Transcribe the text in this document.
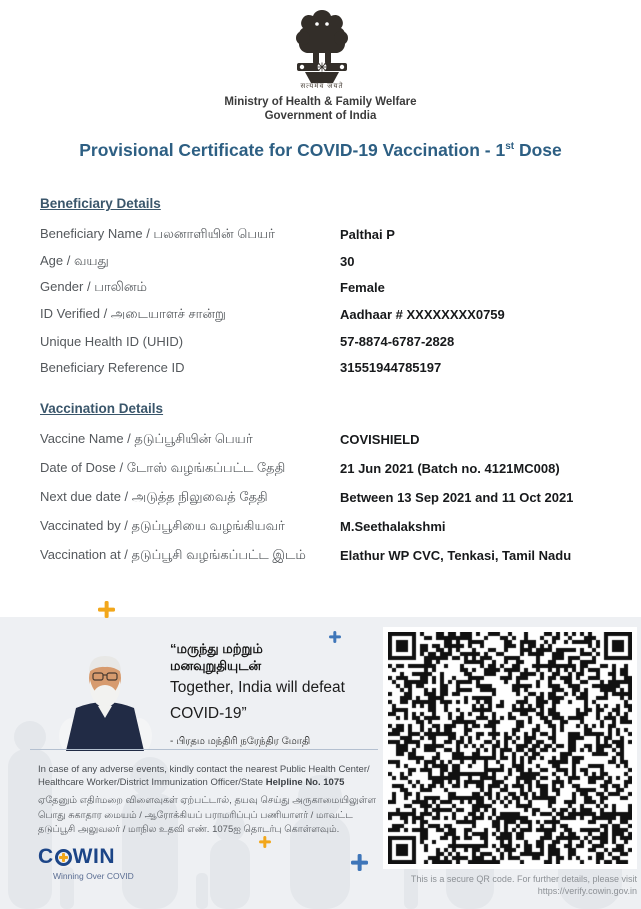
सत्यमेव जयते
Ministry of Health & Family Welfare
Government of India
Provisional Certificate for COVID-19 Vaccination - 1st Dose
Beneficiary Details
Beneficiary Name / பலனாளியின் பெயர்	Palthai P
Age / வயது	30
Gender / பாலினம்	Female
ID Verified / அடையாளச் சான்று	Aadhaar # XXXXXXXX0759
Unique Health ID (UHID)	57-8874-6787-2828
Beneficiary Reference ID	31551944785197
Vaccination Details
Vaccine Name / தடுப்பூசியின் பெயர்	COVISHIELD
Date of Dose / டோஸ் வழங்கப்பட்ட தேதி	21 Jun 2021 (Batch no. 4121MC008)
Next due date / அடுத்த நிலுவைத் தேதி	Between 13 Sep 2021 and 11 Oct 2021
Vaccinated by / தடுப்பூசியை வழங்கியவர்	M.Seethalakshmi
Vaccination at / தடுப்பூசி வழங்கப்பட்ட இடம்	Elathur WP CVC, Tenkasi, Tamil Nadu
“மருந்து மற்றும்
மனவுறுதியுடன்
Together, India will defeat
COVID-19”
- பிரதம மந்திரி நரேந்திர மோதி
In case of any adverse events, kindly contact the nearest Public Health Center/
Healthcare Worker/District Immunization Officer/State Helpline No. 1075
ஏதேனும் எதிர்மறை விளைவுகள் ஏற்பட்டால், தயவு செய்து அருகாமையிலுள்ள பொது சுகாதார மையம் / ஆரோக்கியப் பராமரிப்புப் பணியாளர் / மாவட்ட தடுப்பூசி அலுவலர் / மாநில உதவி எண். 1075ஐ தொடர்பு கொள்ளவும்.
C WIN
Winning Over COVID	This is a secure QR code. For further details, please visit
https://verify.cowin.gov.in
